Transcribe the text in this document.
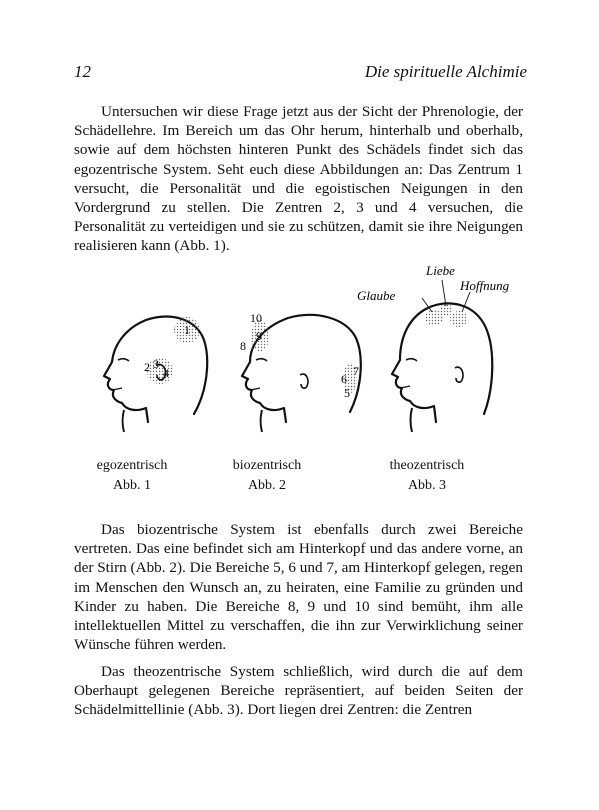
12	Die spirituelle Alchimie

Untersuchen wir diese Frage jetzt aus der Sicht der Phrenologie, der Schädellehre. Im Bereich um das Ohr herum, hinterhalb und oberhalb, sowie auf dem höchsten hinteren Punkt des Schädels findet sich das egozentrische System. Seht euch diese Abbildungen an: Das Zentrum 1 versucht, die Personalität und die egoistischen Neigungen in den Vordergrund zu stellen. Die Zentren 2, 3 und 4 versuchen, die Personalität zu verteidigen und sie zu schützen, damit sie ihre Neigungen realisieren kann (Abb. 1).

1
2 3
4
10
9
8
6
7
5
Liebe
Glaube
Hoffnung
egozentrisch
Abb. 1
biozentrisch
Abb. 2
theozentrisch
Abb. 3

Das biozentrische System ist ebenfalls durch zwei Bereiche vertreten. Das eine befindet sich am Hinterkopf und das andere vorne, an der Stirn (Abb. 2). Die Bereiche 5, 6 und 7, am Hinterkopf gelegen, regen im Menschen den Wunsch an, zu heiraten, eine Familie zu gründen und Kinder zu haben. Die Bereiche 8, 9 und 10 sind bemüht, ihm alle intellektuellen Mittel zu verschaffen, die ihn zur Verwirklichung seiner Wünsche führen werden.

Das theozentrische System schließlich, wird durch die auf dem Oberhaupt gelegenen Bereiche repräsentiert, auf beiden Seiten der Schädelmittellinie (Abb. 3). Dort liegen drei Zentren: die Zentren
